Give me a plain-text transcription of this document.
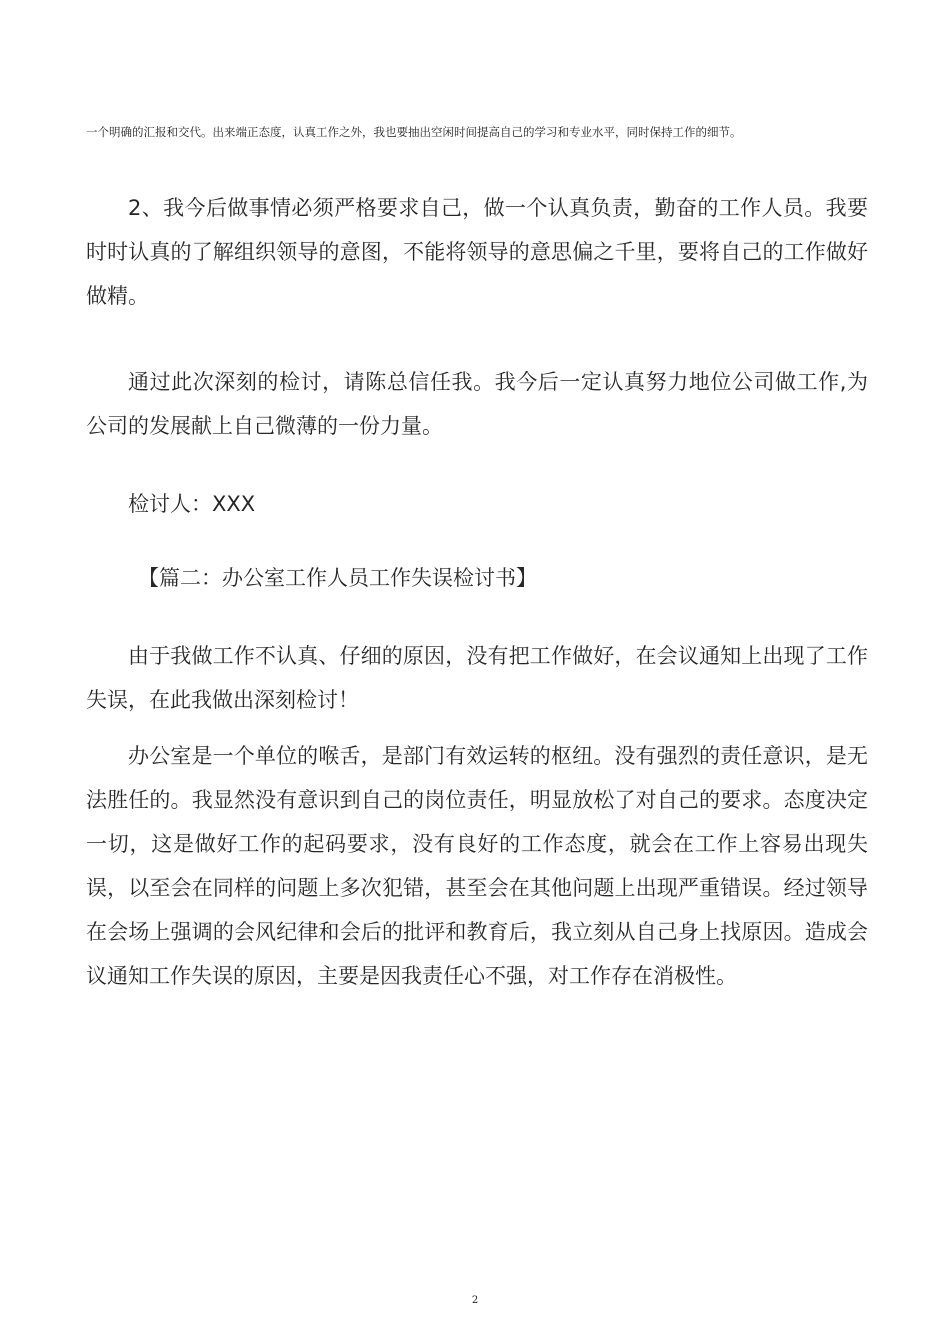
一个明确的汇报和交代。出来端正态度，认真工作之外，我也要抽出空闲时间提高自己的学习和专业水平，同时保持工作的细节。

2、我今后做事情必须严格要求自己，做一个认真负责，勤奋的工作人员。我要时时认真的了解组织领导的意图，不能将领导的意思偏之千里，要将自己的工作做好做精。

通过此次深刻的检讨，请陈总信任我。我今后一定认真努力地位公司做工作,为公司的发展献上自己微薄的一份力量。

检讨人：XXX

【篇二：办公室工作人员工作失误检讨书】

由于我做工作不认真、仔细的原因，没有把工作做好，在会议通知上出现了工作失误，在此我做出深刻检讨！

办公室是一个单位的喉舌，是部门有效运转的枢纽。没有强烈的责任意识，是无法胜任的。我显然没有意识到自己的岗位责任，明显放松了对自己的要求。态度决定一切，这是做好工作的起码要求，没有良好的工作态度，就会在工作上容易出现失误，以至会在同样的问题上多次犯错，甚至会在其他问题上出现严重错误。经过领导在会场上强调的会风纪律和会后的批评和教育后，我立刻从自己身上找原因。造成会议通知工作失误的原因，主要是因我责任心不强，对工作存在消极性。

2
